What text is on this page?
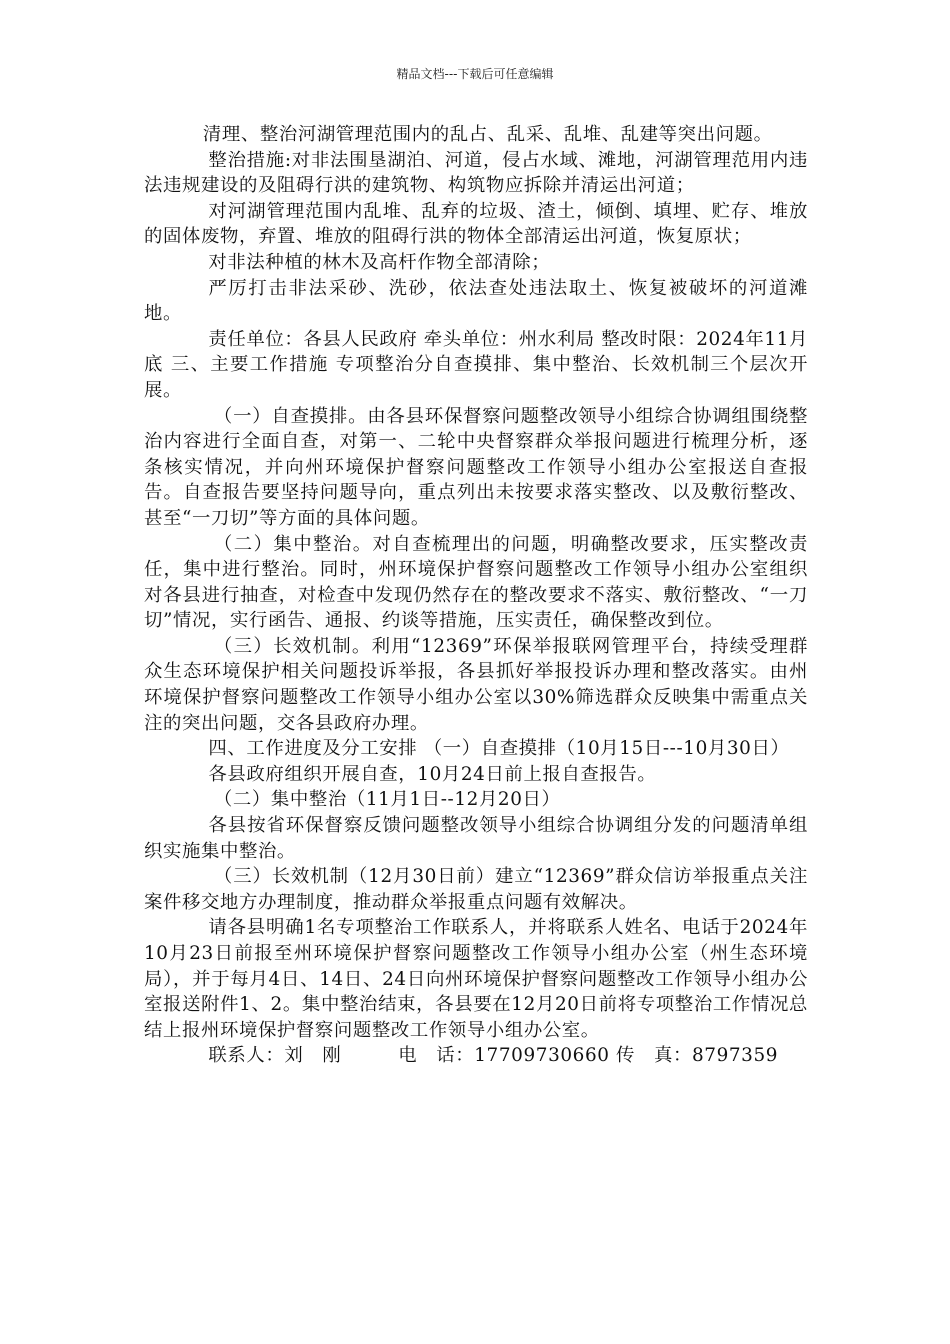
精品文档---下载后可任意编辑

清理、整治河湖管理范围内的乱占、乱采、乱堆、乱建等突出问题。

整治措施:对非法围垦湖泊、河道，侵占水域、滩地，河湖管理范用内违法违规建设的及阻碍行洪的建筑物、构筑物应拆除并清运出河道；

对河湖管理范围内乱堆、乱弃的垃圾、渣土，倾倒、填埋、贮存、堆放的固体废物，弃置、堆放的阻碍行洪的物体全部清运出河道，恢复原状；

对非法种植的林木及高杆作物全部清除；

严厉打击非法采砂、洗砂，依法查处违法取土、恢复被破坏的河道滩地。

责任单位：各县人民政府 牵头单位：州水利局 整改时限：2024年11月底 三、主要工作措施 专项整治分自查摸排、集中整治、长效机制三个层次开展。

（一）自查摸排。由各县环保督察问题整改领导小组综合协调组围绕整治内容进行全面自查，对第一、二轮中央督察群众举报问题进行梳理分析，逐条核实情况，并向州环境保护督察问题整改工作领导小组办公室报送自查报告。自查报告要坚持问题导向，重点列出未按要求落实整改、以及敷衍整改、甚至“一刀切”等方面的具体问题。

（二）集中整治。对自查梳理出的问题，明确整改要求，压实整改责任，集中进行整治。同时，州环境保护督察问题整改工作领导小组办公室组织对各县进行抽查，对检查中发现仍然存在的整改要求不落实、敷衍整改、“一刀切”情况，实行函告、通报、约谈等措施，压实责任，确保整改到位。

（三）长效机制。利用“12369”环保举报联网管理平台，持续受理群众生态环境保护相关问题投诉举报，各县抓好举报投诉办理和整改落实。由州环境保护督察问题整改工作领导小组办公室以30%筛选群众反映集中需重点关注的突出问题，交各县政府办理。

四、工作进度及分工安排 （一）自查摸排（10月15日---10月30日）

各县政府组织开展自查，10月24日前上报自查报告。

（二）集中整治（11月1日--12月20日）

各县按省环保督察反馈问题整改领导小组综合协调组分发的问题清单组织实施集中整治。

（三）长效机制（12月30日前）建立“12369”群众信访举报重点关注案件移交地方办理制度，推动群众举报重点问题有效解决。

请各县明确1名专项整治工作联系人，并将联系人姓名、电话于2024年10月23日前报至州环境保护督察问题整改工作领导小组办公室（州生态环境局），并于每月4日、14日、24日向州环境保护督察问题整改工作领导小组办公室报送附件1、2。集中整治结束，各县要在12月20日前将专项整治工作情况总结上报州环境保护督察问题整改工作领导小组办公室。

联系人：刘　刚　　　电　话：17709730660 传　真：8797359
